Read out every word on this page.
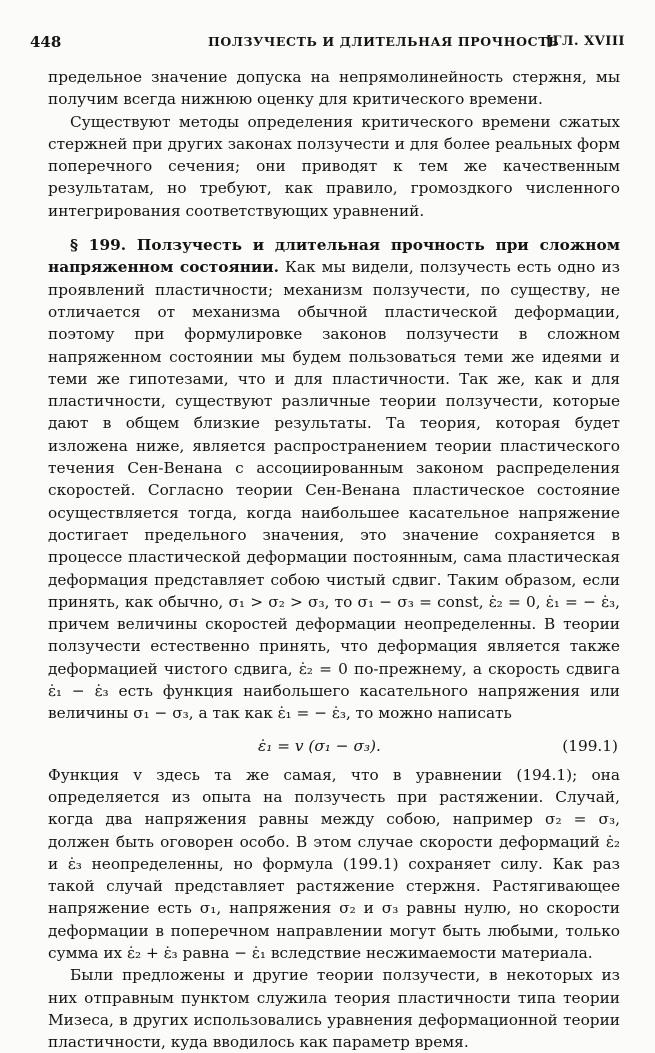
448	ПОЛЗУЧЕСТЬ И ДЛИТЕЛЬНАЯ ПРОЧНОСТЬ
[ГЛ. XVIII

предельное значение допуска на непрямолинейность стержня, мы получим всегда нижнюю оценку для критического времени.

Существуют методы определения критического времени сжатых стержней при других законах ползучести и для более реальных форм поперечного сечения; они приводят к тем же качественным результатам, но требуют, как правило, громоздкого численного интегрирования соответствующих уравнений.

§ 199. Ползучесть и длительная прочность при сложном напряженном состоянии. Как мы видели, ползучесть есть одно из проявлений пластичности; механизм ползучести, по существу, не отличается от механизма обычной пластической деформации, поэтому при формулировке законов ползучести в сложном напряженном состоянии мы будем пользоваться теми же идеями и теми же гипотезами, что и для пластичности. Так же, как и для пластичности, существуют различные теории ползучести, которые дают в общем близкие результаты. Та теория, которая будет изложена ниже, является распространением теории пластического течения Сен-Венана с ассоциированным законом распределения скоростей. Согласно теории Сен-Венана пластическое состояние осуществляется тогда, когда наибольшее касательное напряжение достигает предельного значения, это значение сохраняется в процессе пластической деформации постоянным, сама пластическая деформация представляет собою чистый сдвиг. Таким образом, если принять, как обычно, σ₁ > σ₂ > σ₃, то σ₁ − σ₃ = const, ε̇₂ = 0, ε̇₁ = − ε̇₃, причем величины скоростей деформации неопределенны. В теории ползучести естественно принять, что деформация является также деформацией чистого сдвига, ε̇₂ = 0 по-прежнему, а скорость сдвига ε̇₁ − ε̇₃ есть функция наибольшего касательного напряжения или величины σ₁ − σ₃, а так как ε̇₁ = − ε̇₃, то можно написать

ε̇₁ = v (σ₁ − σ₃).	(199.1)

Функция v здесь та же самая, что в уравнении (194.1); она определяется из опыта на ползучесть при растяжении. Случай, когда два напряжения равны между собою, например σ₂ = σ₃, должен быть оговорен особо. В этом случае скорости деформаций ε̇₂ и ε̇₃ неопределенны, но формула (199.1) сохраняет силу. Как раз такой случай представляет растяжение стержня. Растягивающее напряжение есть σ₁, напряжения σ₂ и σ₃ равны нулю, но скорости деформации в поперечном направлении могут быть любыми, только сумма их ε̇₂ + ε̇₃ равна − ε̇₁ вследствие несжимаемости материала.

Были предложены и другие теории ползучести, в некоторых из них отправным пунктом служила теория пластичности типа теории Мизеса, в других использовались уравнения деформационной теории пластичности, куда вводилось как параметр время.
